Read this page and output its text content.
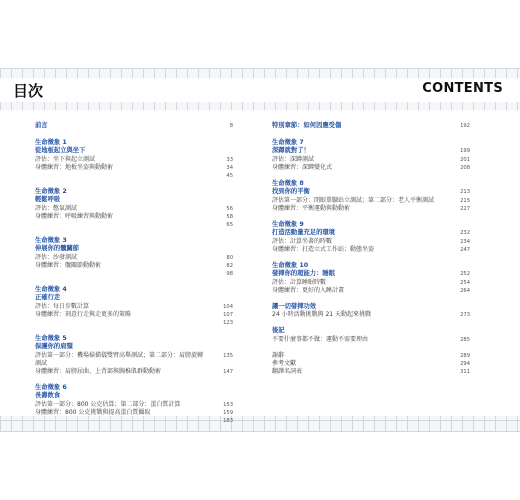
目次	CONTENTS
前言	8
生命徵象 1
從地板起立與坐下
評估：坐下與起立測試	33
身體練習：地板坐姿與動動術	34
45
生命徵象 2
輕鬆呼吸
評估：憋氣測試	56
身體練習：呼吸練習與動動術	58
65
生命徵象 3
伸展你的髖關節
評估：沙發測試	80
身體練習：髖關節動動術	82
98
生命徵象 4
正確行走
評估：每日步數計算	104
身體練習：刻意行走與走更多的策略	107
123
生命徵象 5
保護你的肩頸
評估第一部分：機場掃描儀雙臂高舉測試；第二部分：肩膀旋轉測試
135
身體練習：肩膀屈曲、上背部與胸椎肌群動動術	147
生命徵象 6
長壽飲食
評估第一部分：800 公克估算；第二部分：蛋白質計算	153
身體練習：800 公克挑戰與提高蛋白質攝取	159
183
特別章節：如何因應受傷	192
生命徵象 7
深蹲就對了！	199
評估：深蹲測試	201
身體練習：深蹲變化式	208
生命徵象 8
找到你的平衡	213
評估第一部分：閉眼單腳站立測試；第二部分：老人平衡測試	215
身體練習：平衡運動與動動術	227
生命徵象 9
打造活動量充足的環境	232
評估：計算坐著的時數	234
身體練習：打造立式工作站；動態坐姿	247
生命徵象 10
發揮你的超能力：睡眠	252
評估：計算睡眠時數	254
身體練習：更好的入睡計畫	264
讓一切發揮功效
24 小時活動挑戰與 21 天動起來挑戰	273
後記
不要什麼事都不做：運動不需要理由	285
謝辭	289
參考文獻	294
翻譯名詞表	311
